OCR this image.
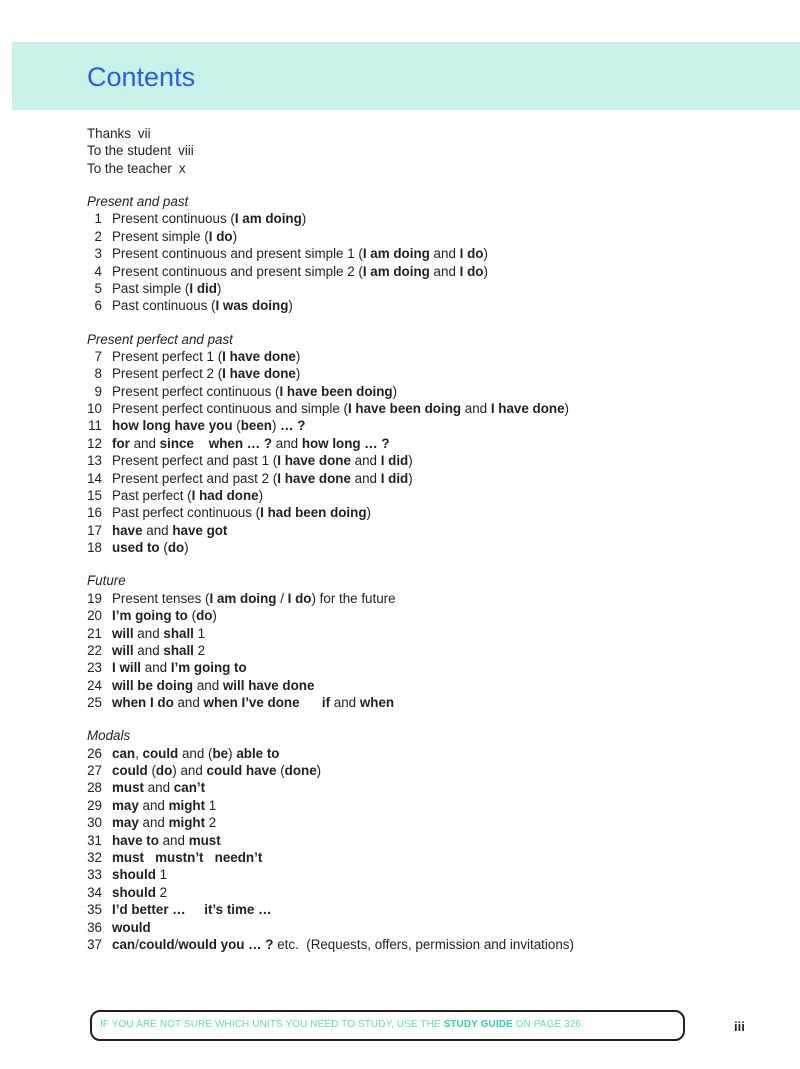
Contents
Thanks vii
To the student viii
To the teacher x
Present and past
1 Present continuous (I am doing)
2 Present simple (I do)
3 Present continuous and present simple 1 (I am doing and I do)
4 Present continuous and present simple 2 (I am doing and I do)
5 Past simple (I did)
6 Past continuous (I was doing)
Present perfect and past
7 Present perfect 1 (I have done)
8 Present perfect 2 (I have done)
9 Present perfect continuous (I have been doing)
10 Present perfect continuous and simple (I have been doing and I have done)
11 how long have you (been) … ?
12 for and since when … ? and how long … ?
13 Present perfect and past 1 (I have done and I did)
14 Present perfect and past 2 (I have done and I did)
15 Past perfect (I had done)
16 Past perfect continuous (I had been doing)
17 have and have got
18 used to (do)
Future
19 Present tenses (I am doing / I do) for the future
20 I’m going to (do)
21 will and shall 1
22 will and shall 2
23 I will and I’m going to
24 will be doing and will have done
25 when I do and when I’ve done if and when
Modals
26 can, could and (be) able to
27 could (do) and could have (done)
28 must and can’t
29 may and might 1
30 may and might 2
31 have to and must
32 must   mustn’t   needn’t
33 should 1
34 should 2
35 I’d better …     it’s time …
36 would
37 can/could/would you … ? etc.  (Requests, offers, permission and invitations)
IF YOU ARE NOT SURE WHICH UNITS YOU NEED TO STUDY, USE THE STUDY GUIDE ON PAGE 326.	iii
